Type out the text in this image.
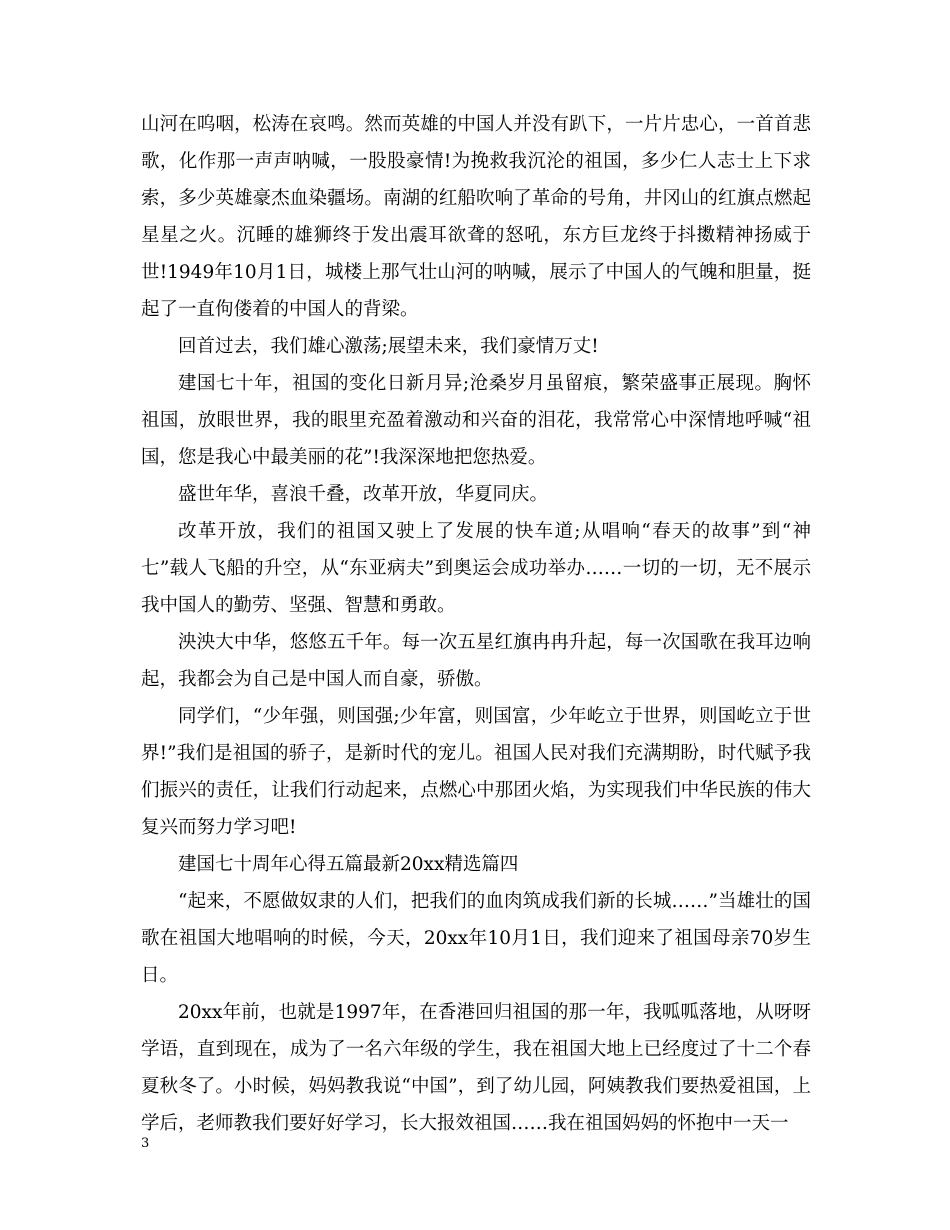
山河在呜咽，松涛在哀鸣。然而英雄的中国人并没有趴下，一片片忠心，一首首悲歌，化作那一声声呐喊，一股股豪情!为挽救我沉沦的祖国，多少仁人志士上下求索，多少英雄豪杰血染疆场。南湖的红船吹响了革命的号角，井冈山的红旗点燃起星星之火。沉睡的雄狮终于发出震耳欲聋的怒吼，东方巨龙终于抖擞精神扬威于世!1949年10月1日，城楼上那气壮山河的呐喊，展示了中国人的气魄和胆量，挺起了一直佝偻着的中国人的背梁。

回首过去，我们雄心激荡;展望未来，我们豪情万丈!

建国七十年，祖国的变化日新月异;沧桑岁月虽留痕，繁荣盛事正展现。胸怀祖国，放眼世界，我的眼里充盈着激动和兴奋的泪花，我常常心中深情地呼喊“祖国，您是我心中最美丽的花”!我深深地把您热爱。

盛世年华，喜浪千叠，改革开放，华夏同庆。

改革开放，我们的祖国又驶上了发展的快车道;从唱响“春天的故事”到“神七”载人飞船的升空，从“东亚病夫”到奥运会成功举办……一切的一切，无不展示我中国人的勤劳、坚强、智慧和勇敢。

泱泱大中华，悠悠五千年。每一次五星红旗冉冉升起，每一次国歌在我耳边响起，我都会为自己是中国人而自豪，骄傲。

同学们，“少年强，则国强;少年富，则国富，少年屹立于世界，则国屹立于世界!”我们是祖国的骄子，是新时代的宠儿。祖国人民对我们充满期盼，时代赋予我们振兴的责任，让我们行动起来，点燃心中那团火焰，为实现我们中华民族的伟大复兴而努力学习吧!

建国七十周年心得五篇最新20xx精选篇四

“起来，不愿做奴隶的人们，把我们的血肉筑成我们新的长城……”当雄壮的国歌在祖国大地唱响的时候，今天，20xx年10月1日，我们迎来了祖国母亲70岁生日。

20xx年前，也就是1997年，在香港回归祖国的那一年，我呱呱落地，从呀呀学语，直到现在，成为了一名六年级的学生，我在祖国大地上已经度过了十二个春夏秋冬了。小时候，妈妈教我说“中国”，到了幼儿园，阿姨教我们要热爱祖国，上学后，老师教我们要好好学习，长大报效祖国……我在祖国妈妈的怀抱中一天一

3
